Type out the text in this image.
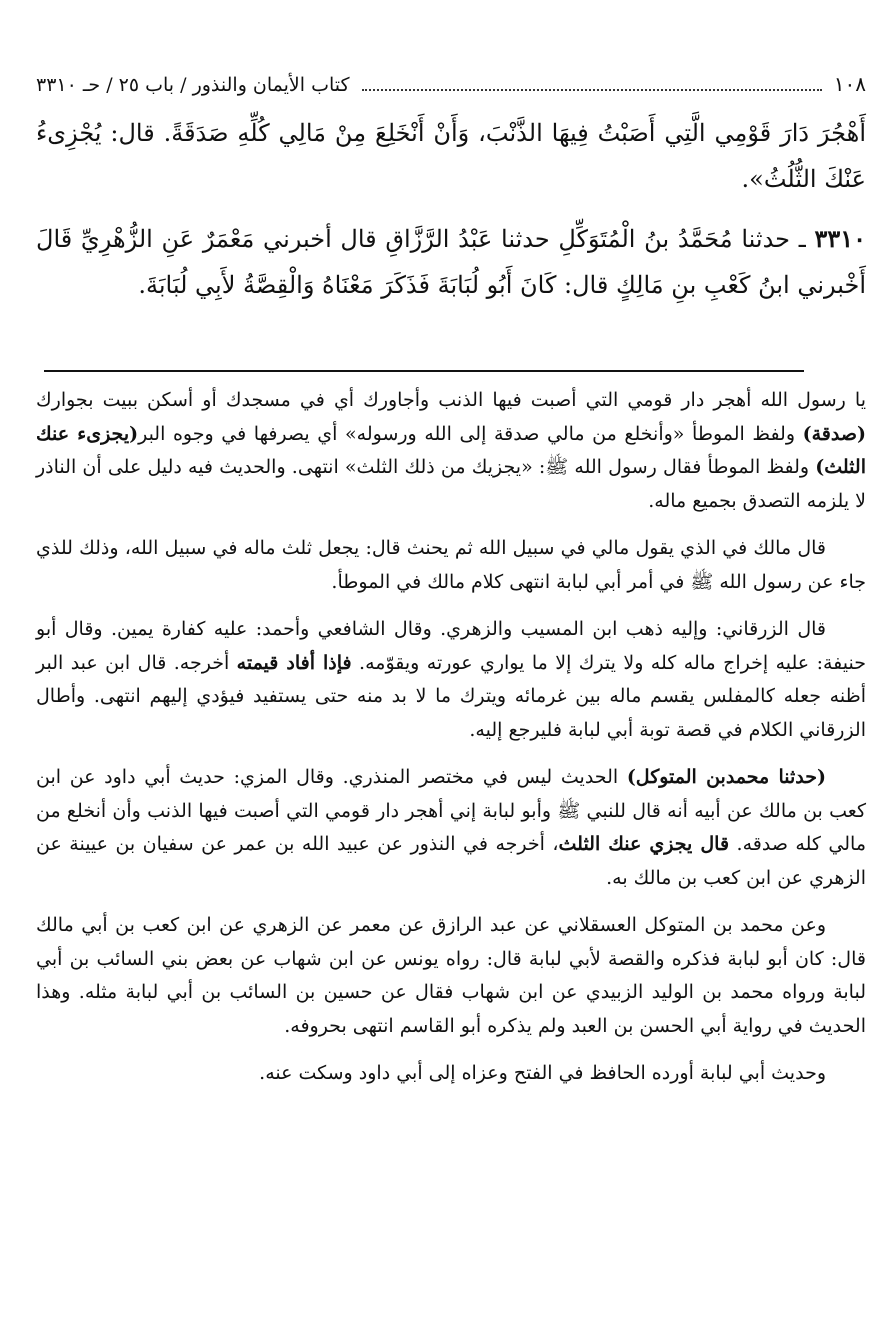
١٠٨
كتاب الأيمان والنذور / باب ٢٥ / حـ ٣٣١٠

أَهْجُرَ دَارَ قَوْمِي الَّتِي أَصَبْتُ فِيهَا الذَّنْبَ، وَأَنْ أَنْخَلِعَ مِنْ مَالِي كُلِّهِ صَدَقَةً. قال: يُجْزِىءُ عَنْكَ الثُّلُثُ».

٣٣١٠ ـ حدثنا مُحَمَّدُ بنُ الْمُتَوَكِّلِ حدثنا عَبْدُ الرَّزَّاقِ قال أخبرني مَعْمَرٌ عَنِ الزُّهْرِيِّ قَالَ أَخْبرني ابنُ كَعْبِ بنِ مَالِكٍ قال: كَانَ أَبُو لُبَابَةَ فَذَكَرَ مَعْنَاهُ وَالْقِصَّةُ لأَبِي لُبَابَةَ.

يا رسول الله أهجر دار قومي التي أصبت فيها الذنب وأجاورك أي في مسجدك أو أسكن ببيت بجوارك (صدقة) ولفظ الموطأ «وأنخلع من مالي صدقة إلى الله ورسوله» أي يصرفها في وجوه البر(يجزىء عنك الثلث) ولفظ الموطأ فقال رسول الله ﷺ: «يجزيك من ذلك الثلث» انتهى. والحديث فيه دليل على أن الناذر لا يلزمه التصدق بجميع ماله.

قال مالك في الذي يقول مالي في سبيل الله ثم يحنث قال: يجعل ثلث ماله في سبيل الله، وذلك للذي جاء عن رسول الله ﷺ في أمر أبي لبابة انتهى كلام مالك في الموطأ.

قال الزرقاني: وإليه ذهب ابن المسيب والزهري. وقال الشافعي وأحمد: عليه كفارة يمين. وقال أبو حنيفة: عليه إخراج ماله كله ولا يترك إلا ما يواري عورته ويقوّمه. فإذا أفاد قيمته أخرجه. قال ابن عبد البر أظنه جعله كالمفلس يقسم ماله بين غرمائه ويترك ما لا بد منه حتى يستفيد فيؤدي إليهم انتهى. وأطال الزرقاني الكلام في قصة توبة أبي لبابة فليرجع إليه.

(حدثنا محمدبن المتوكل) الحديث ليس في مختصر المنذري. وقال المزي: حديث أبي داود عن ابن كعب بن مالك عن أبيه أنه قال للنبي ﷺ وأبو لبابة إني أهجر دار قومي التي أصبت فيها الذنب وأن أنخلع من مالي كله صدقه. قال يجزي عنك الثلث، أخرجه في النذور عن عبيد الله بن عمر عن سفيان بن عيينة عن الزهري عن ابن كعب بن مالك به.

وعن محمد بن المتوكل العسقلاني عن عبد الرازق عن معمر عن الزهري عن ابن كعب بن أبي مالك قال: كان أبو لبابة فذكره والقصة لأبي لبابة قال: رواه يونس عن ابن شهاب عن بعض بني السائب بن أبي لبابة ورواه محمد بن الوليد الزبيدي عن ابن شهاب فقال عن حسين بن السائب بن أبي لبابة مثله. وهذا الحديث في رواية أبي الحسن بن العبد ولم يذكره أبو القاسم انتهى بحروفه.

وحديث أبي لبابة أورده الحافظ في الفتح وعزاه إلى أبي داود وسكت عنه.
